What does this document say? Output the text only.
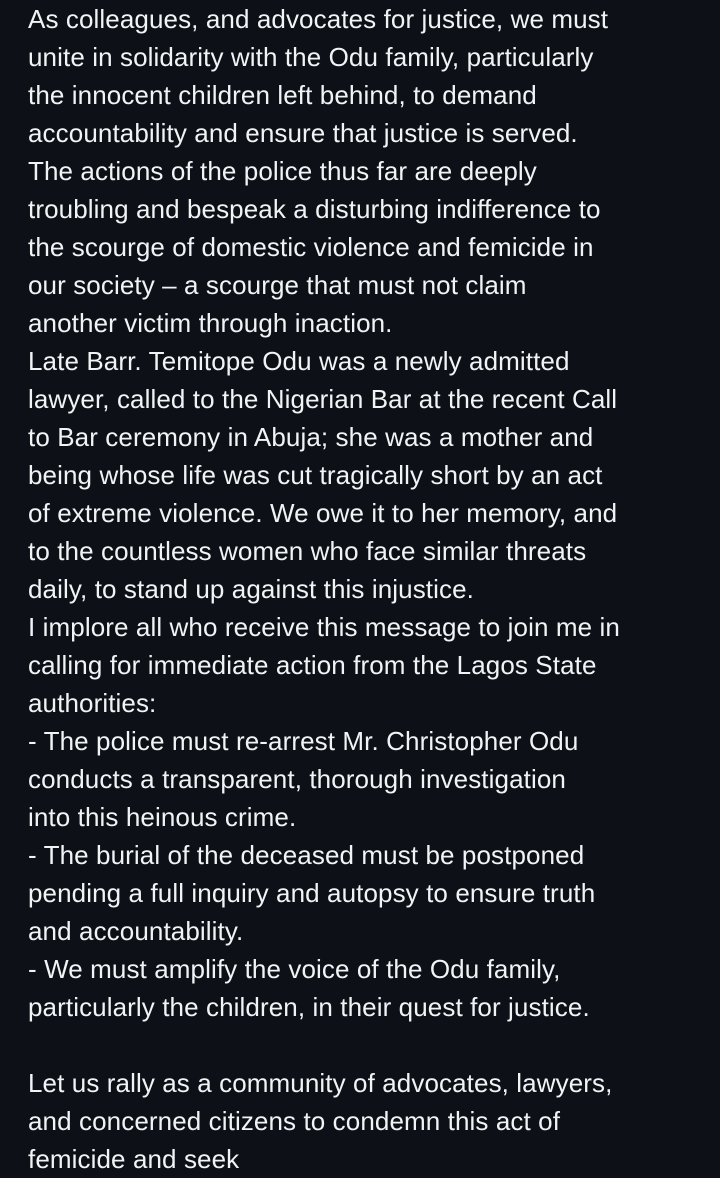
As colleagues, and advocates for justice, we must
unite in solidarity with the Odu family, particularly
the innocent children left behind, to demand
accountability and ensure that justice is served.
The actions of the police thus far are deeply
troubling and bespeak a disturbing indifference to
the scourge of domestic violence and femicide in
our society – a scourge that must not claim
another victim through inaction.
Late Barr. Temitope Odu was a newly admitted
lawyer, called to the Nigerian Bar at the recent Call
to Bar ceremony in Abuja; she was a mother and
being whose life was cut tragically short by an act
of extreme violence. We owe it to her memory, and
to the countless women who face similar threats
daily, to stand up against this injustice.
I implore all who receive this message to join me in
calling for immediate action from the Lagos State
authorities:
- The police must re-arrest Mr. Christopher Odu
conducts a transparent, thorough investigation
into this heinous crime.
- The burial of the deceased must be postponed
pending a full inquiry and autopsy to ensure truth
and accountability.
- We must amplify the voice of the Odu family,
particularly the children, in their quest for justice.
Let us rally as a community of advocates, lawyers,
and concerned citizens to condemn this act of
femicide and seek
